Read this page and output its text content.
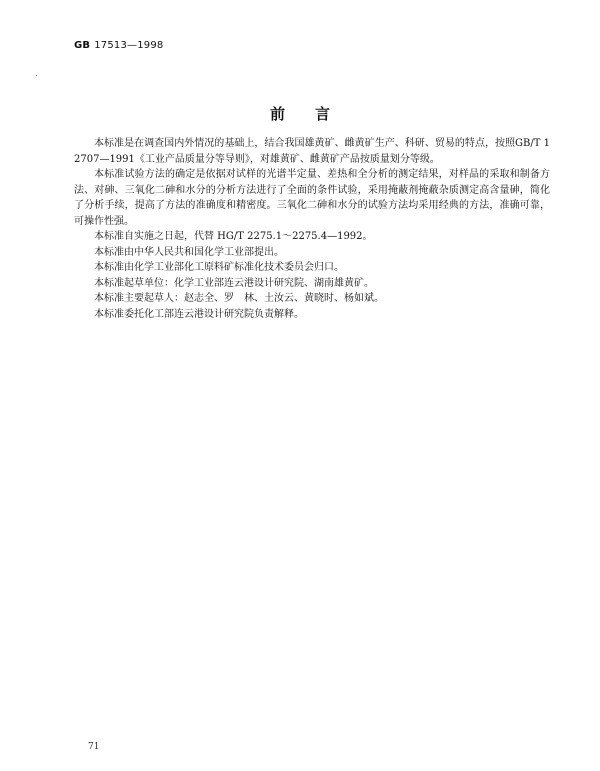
GB 17513—1998
前言

本标准是在调查国内外情况的基础上，结合我国雄黄矿、雌黄矿生产、科研、贸易的特点，按照GB/T 12707—1991《工业产品质量分等导则》，对雄黄矿、雌黄矿产品按质量划分等级。

本标准试验方法的确定是依据对试样的光谱半定量、差热和全分析的测定结果，对样品的采取和制备方法、对砷、三氧化二砷和水分的分析方法进行了全面的条件试验，采用掩蔽剂掩蔽杂质测定高含量砷，简化了分析手续，提高了方法的准确度和精密度。三氧化二砷和水分的试验方法均采用经典的方法，准确可靠，可操作性强。

本标准自实施之日起，代替 HG/T 2275.1～2275.4—1992。

本标准由中华人民共和国化学工业部提出。

本标准由化学工业部化工原料矿标准化技术委员会归口。

本标准起草单位：化学工业部连云港设计研究院、湖南雄黄矿。

本标准主要起草人：赵志全、罗　林、土汝云、黄晓时、杨如斌。

本标准委托化工部连云港设计研究院负责解释。

71
